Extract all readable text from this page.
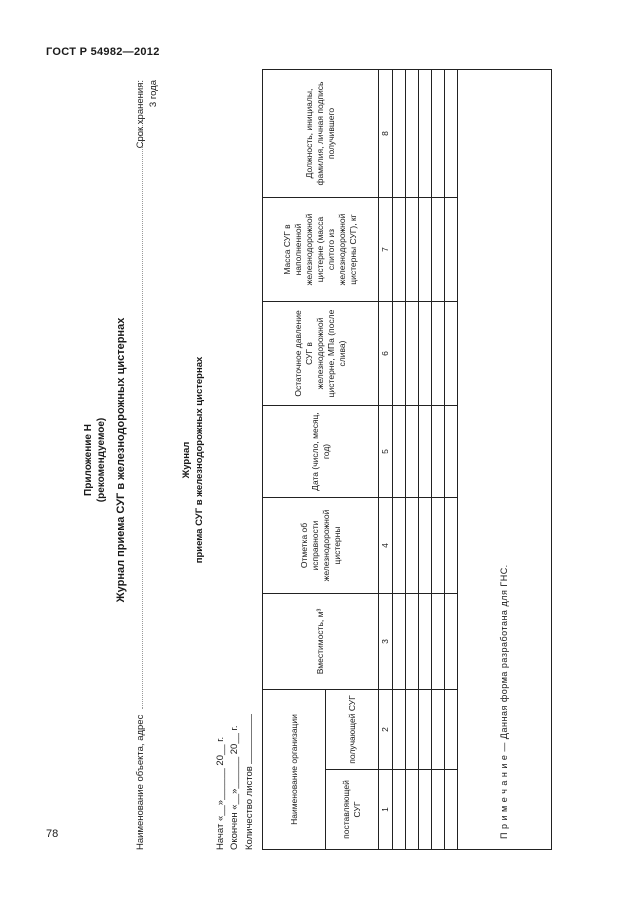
ГОСТ Р 54982—2012
78
Приложение Н (рекомендуемое) Журнал приема СУГ в железнодорожных цистернах
Наименование объекта, адрес
Срок хранения: 3 года
Журнал приема СУГ в железнодорожных цистернах
Начат «__»______ 20__ г. Окончен «__»______ 20__ г. Количество листов	Наименование организации		Вместимость, м³	Отметка об исправности железнодорожной цистерны	Дата (число, месяц, год)	Остаточное давление СУГ в железнодорожной цистерне, МПа (после слива)	Масса СУГ в наполненной железнодорожной цистерне (масса слитого из железнодорожной цистерны СУГ), кг	Должность, инициалы, фамилия, личная подпись получившего
поставляющей СУГ	получающей СУГ						
1	2	3	4	5	6	7	8

П р и м е ч а н и е — Данная форма разработана для ГНС.							
